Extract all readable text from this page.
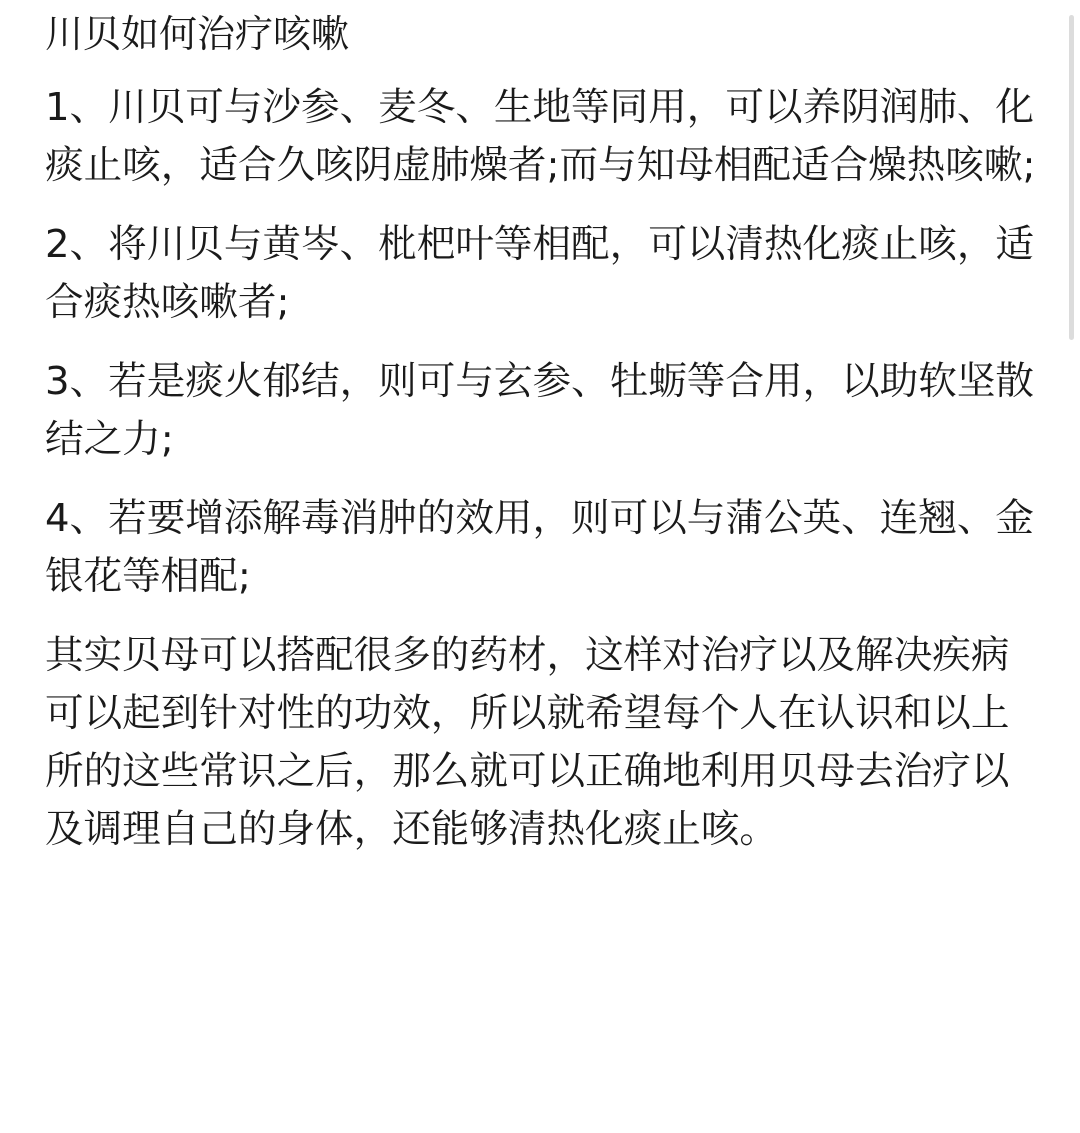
川贝如何治疗咳嗽

1、川贝可与沙参、麦冬、生地等同用，可以养阴润肺、化痰止咳，适合久咳阴虚肺燥者;而与知母相配适合燥热咳嗽;

2、将川贝与黄岑、枇杷叶等相配，可以清热化痰止咳，适合痰热咳嗽者;

3、若是痰火郁结，则可与玄参、牡蛎等合用，以助软坚散结之力;

4、若要增添解毒消肿的效用，则可以与蒲公英、连翘、金银花等相配;

其实贝母可以搭配很多的药材，这样对治疗以及解决疾病可以起到针对性的功效，所以就希望每个人在认识和以上所的这些常识之后，那么就可以正确地利用贝母去治疗以及调理自己的身体，还能够清热化痰止咳。
